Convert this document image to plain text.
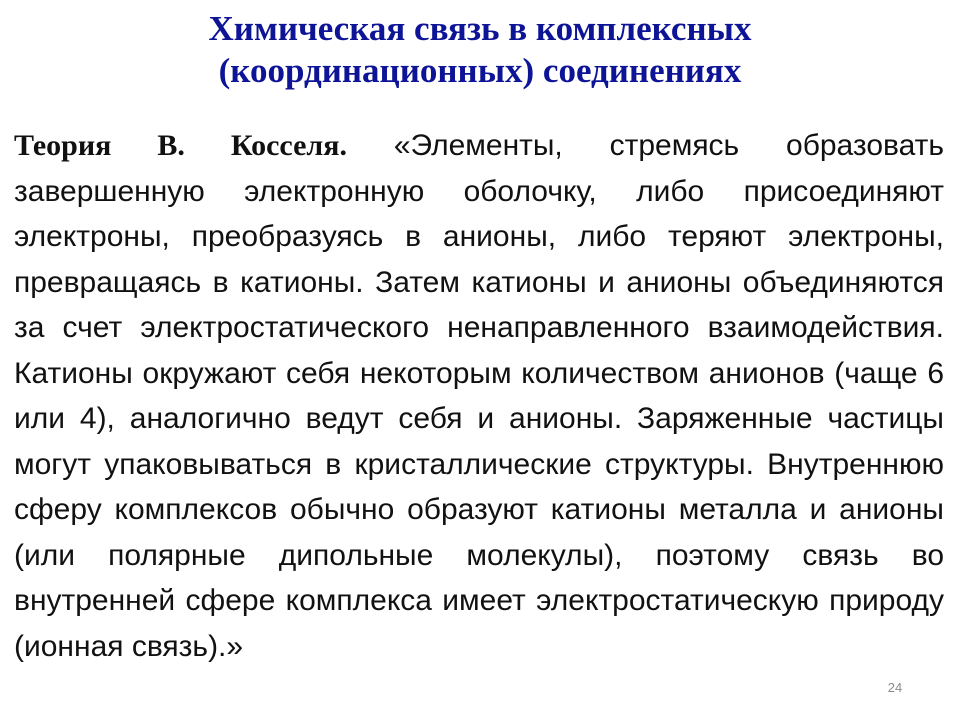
Химическая связь в комплексных
(координационных) соединениях
Теория В. Косселя. «Элементы, стремясь образовать завершенную электронную оболочку, либо присоединяют электроны, преобразуясь в анионы, либо теряют электроны, превращаясь в катионы. Затем катионы и анионы объединяются за счет электростатического ненаправленного взаимодействия. Катионы окружают себя некоторым количеством анионов (чаще 6 или 4), аналогично ведут себя и анионы. Заряженные частицы могут упаковываться в кристаллические структуры. Внутреннюю сферу комплексов обычно образуют катионы металла и анионы (или полярные дипольные молекулы), поэтому связь во внутренней сфере комплекса имеет электростатическую природу (ионная связь).»
24
